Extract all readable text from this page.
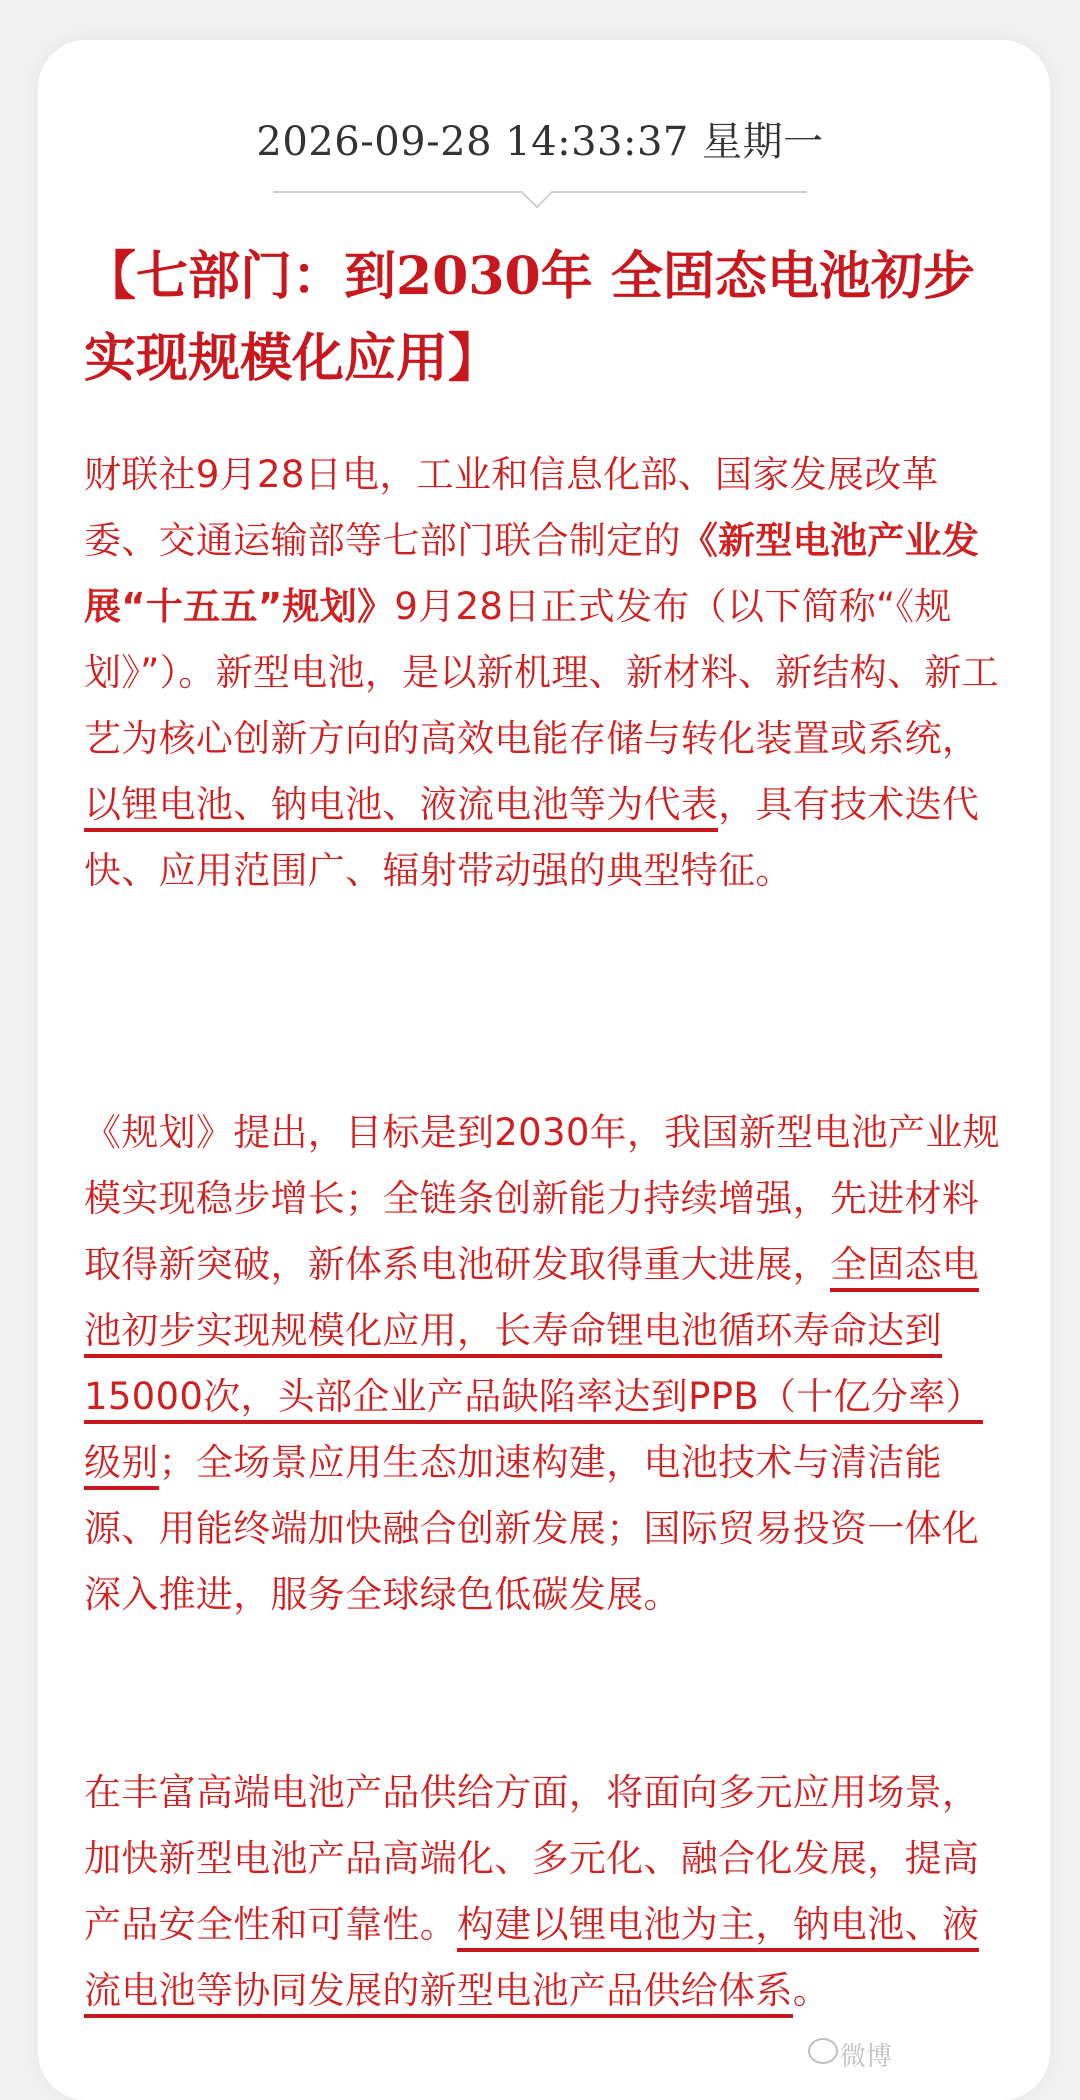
2026-09-28 14:33:37 星期一
【七部门：到2030年 全固态电池初步实现规模化应用】

财联社9月28日电，工业和信息化部、国家发展改革委、交通运输部等七部门联合制定的《新型电池产业发展“十五五”规划》9月28日正式发布（以下简称“《规划》”）。新型电池，是以新机理、新材料、新结构、新工艺为核心创新方向的高效电能存储与转化装置或系统，以锂电池、钠电池、液流电池等为代表，具有技术迭代快、应用范围广、辐射带动强的典型特征。

《规划》提出，目标是到2030年，我国新型电池产业规模实现稳步增长；全链条创新能力持续增强，先进材料取得新突破，新体系电池研发取得重大进展，全固态电池初步实现规模化应用，长寿命锂电池循环寿命达到15000次，头部企业产品缺陷率达到PPB（十亿分率）级别；全场景应用生态加速构建，电池技术与清洁能源、用能终端加快融合创新发展；国际贸易投资一体化深入推进，服务全球绿色低碳发展。

在丰富高端电池产品供给方面，将面向多元应用场景，加快新型电池产品高端化、多元化、融合化发展，提高产品安全性和可靠性。构建以锂电池为主，钠电池、液流电池等协同发展的新型电池产品供给体系。

微博
